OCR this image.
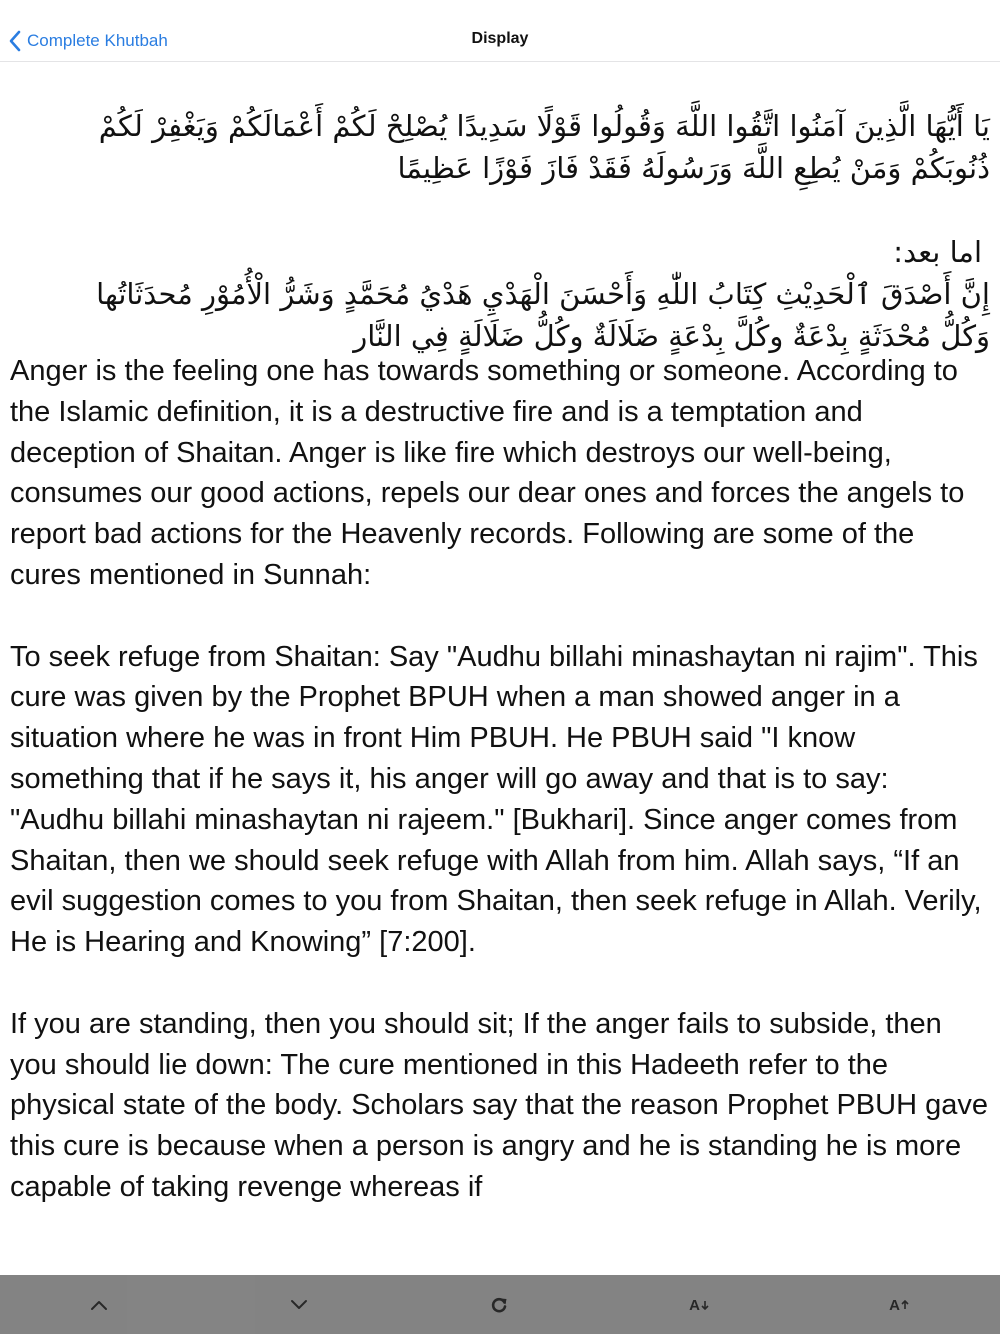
Complete Khutbah	Display

يَا أَيُّهَا الَّذِينَ آمَنُوا اتَّقُوا اللَّهَ وَقُولُوا قَوْلًا سَدِيدًا يُصْلِحْ لَكُمْ أَعْمَالَكُمْ وَيَغْفِرْ لَكُمْ ذُنُوبَكُمْ وَمَنْ يُطِعِ اللَّهَ وَرَسُولَهُ فَقَدْ فَازَ فَوْزًا عَظِيمًا

اما بعد:

إِنَّ أَصْدَقَ ٱلْحَدِيْثِ كِتَابُ اللّٰهِ وَأَحْسَنَ الْهَدْيِ هَدْيُ مُحَمَّدٍ وَشَرُّ الْأُمُوْرِ مُحدَثَاتُها وَكُلُّ مُحْدَثَةٍ بِدْعَةٌ وكُلَّ بِدْعَةٍ ضَلَالَةٌ وكُلُّ ضَلَالَةٍ فِي النَّار

Anger is the feeling one has towards something or someone. According to the Islamic definition, it is a destructive fire and is a temptation and deception of Shaitan. Anger is like fire which destroys our well-being, consumes our good actions, repels our dear ones and forces the angels to report bad actions for the Heavenly records. Following are some of the cures mentioned in Sunnah:

To seek refuge from Shaitan: Say "Audhu billahi minashaytan ni rajim". This cure was given by the Prophet BPUH when a man showed anger in a situation where he was in front Him PBUH. He PBUH said "I know something that if he says it, his anger will go away and that is to say: "Audhu billahi minashaytan ni rajeem." [Bukhari]. Since anger comes from Shaitan, then we should seek refuge with Allah from him. Allah says, “If an evil suggestion comes to you from Shaitan, then seek refuge in Allah. Verily, He is Hearing and Knowing” [7:200].

If you are standing, then you should sit; If the anger fails to subside, then you should lie down: The cure mentioned in this Hadeeth refer to the physical state of the body. Scholars say that the reason Prophet PBUH gave this cure is because when a person is angry and he is standing he is more capable of taking revenge whereas if

A	A
